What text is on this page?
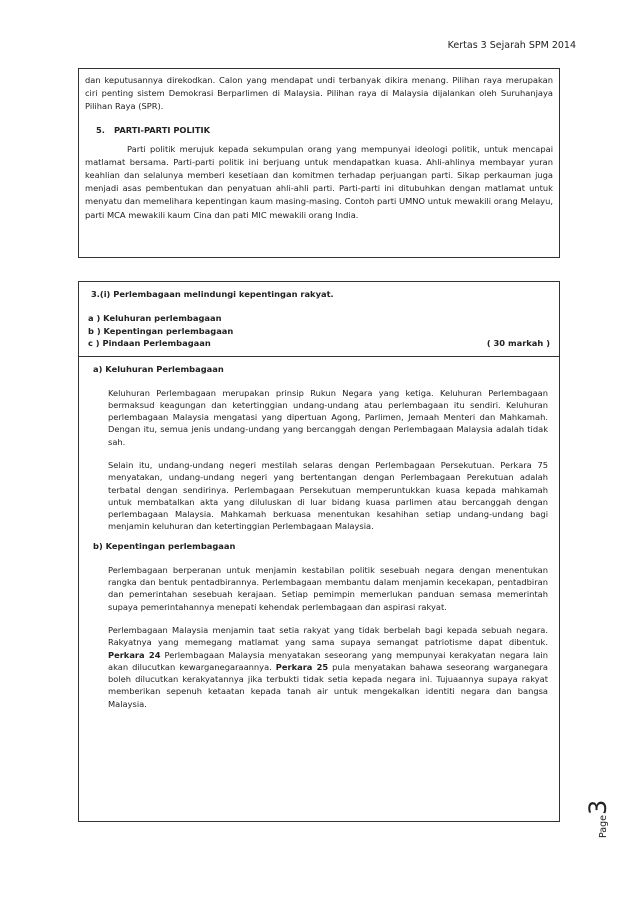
Kertas 3 Sejarah SPM 2014

dan keputusannya direkodkan. Calon yang mendapat undi terbanyak dikira menang. Pilihan raya merupakan ciri penting sistem Demokrasi Berparlimen di Malaysia. Pilihan raya di Malaysia dijalankan oleh Suruhanjaya Pilihan Raya (SPR).

5. PARTI-PARTI POLITIK

Parti politik merujuk kepada sekumpulan orang yang mempunyai ideologi politik, untuk mencapai matlamat bersama. Parti-parti politik ini berjuang untuk mendapatkan kuasa. Ahli-ahlinya membayar yuran keahlian dan selalunya memberi kesetiaan dan komitmen terhadap perjuangan parti. Sikap perkauman juga menjadi asas pembentukan dan penyatuan ahli-ahli parti. Parti-parti ini ditubuhkan dengan matlamat untuk menyatu dan memelihara kepentingan kaum masing-masing. Contoh parti UMNO untuk mewakili orang Melayu, parti MCA mewakili kaum Cina dan pati MIC mewakili orang India.

3.(i) Perlembagaan melindungi kepentingan rakyat.
a ) Keluhuran perlembagaan
b ) Kepentingan perlembagaan
c ) Pindaan Perlembagaan	( 30 markah )
a) Keluhuran Perlembagaan

Keluhuran Perlembagaan merupakan prinsip Rukun Negara yang ketiga. Keluhuran Perlembagaan bermaksud keagungan dan ketertinggian undang-undang atau perlembagaan itu sendiri. Keluhuran perlembagaan Malaysia mengatasi yang dipertuan Agong, Parlimen, Jemaah Menteri dan Mahkamah. Dengan itu, semua jenis undang-undang yang bercanggah dengan Perlembagaan Malaysia adalah tidak sah.

Selain itu, undang-undang negeri mestilah selaras dengan Perlembagaan Persekutuan. Perkara 75 menyatakan, undang-undang negeri yang bertentangan dengan Perlembagaan Perekutuan adalah terbatal dengan sendirinya. Perlembagaan Persekutuan memperuntukkan kuasa kepada mahkamah untuk membatalkan akta yang diluluskan di luar bidang kuasa parlimen atau bercanggah dengan perlembagaan Malaysia. Mahkamah berkuasa menentukan kesahihan setiap undang-undang bagi menjamin keluhuran dan ketertinggian Perlembagaan Malaysia.

b) Kepentingan perlembagaan

Perlembagaan berperanan untuk menjamin kestabilan politik sesebuah negara dengan menentukan rangka dan bentuk pentadbirannya. Perlembagaan membantu dalam menjamin kecekapan, pentadbiran dan pemerintahan sesebuah kerajaan. Setiap pemimpin memerlukan panduan semasa memerintah supaya pemerintahannya menepati kehendak perlembagaan dan aspirasi rakyat.

Perlembagaan Malaysia menjamin taat setia rakyat yang tidak berbelah bagi kepada sebuah negara. Rakyatnya yang memegang matlamat yang sama supaya semangat patriotisme dapat dibentuk. Perkara 24 Perlembagaan Malaysia menyatakan seseorang yang mempunyai kerakyatan negara lain akan dilucutkan kewarganegaraannya. Perkara 25 pula menyatakan bahawa seseorang warganegara boleh dilucutkan kerakyatannya jika terbukti tidak setia kepada negara ini. Tujuaannya supaya rakyat memberikan sepenuh ketaatan kepada tanah air untuk mengekalkan identiti negara dan bangsa Malaysia.

Page3
